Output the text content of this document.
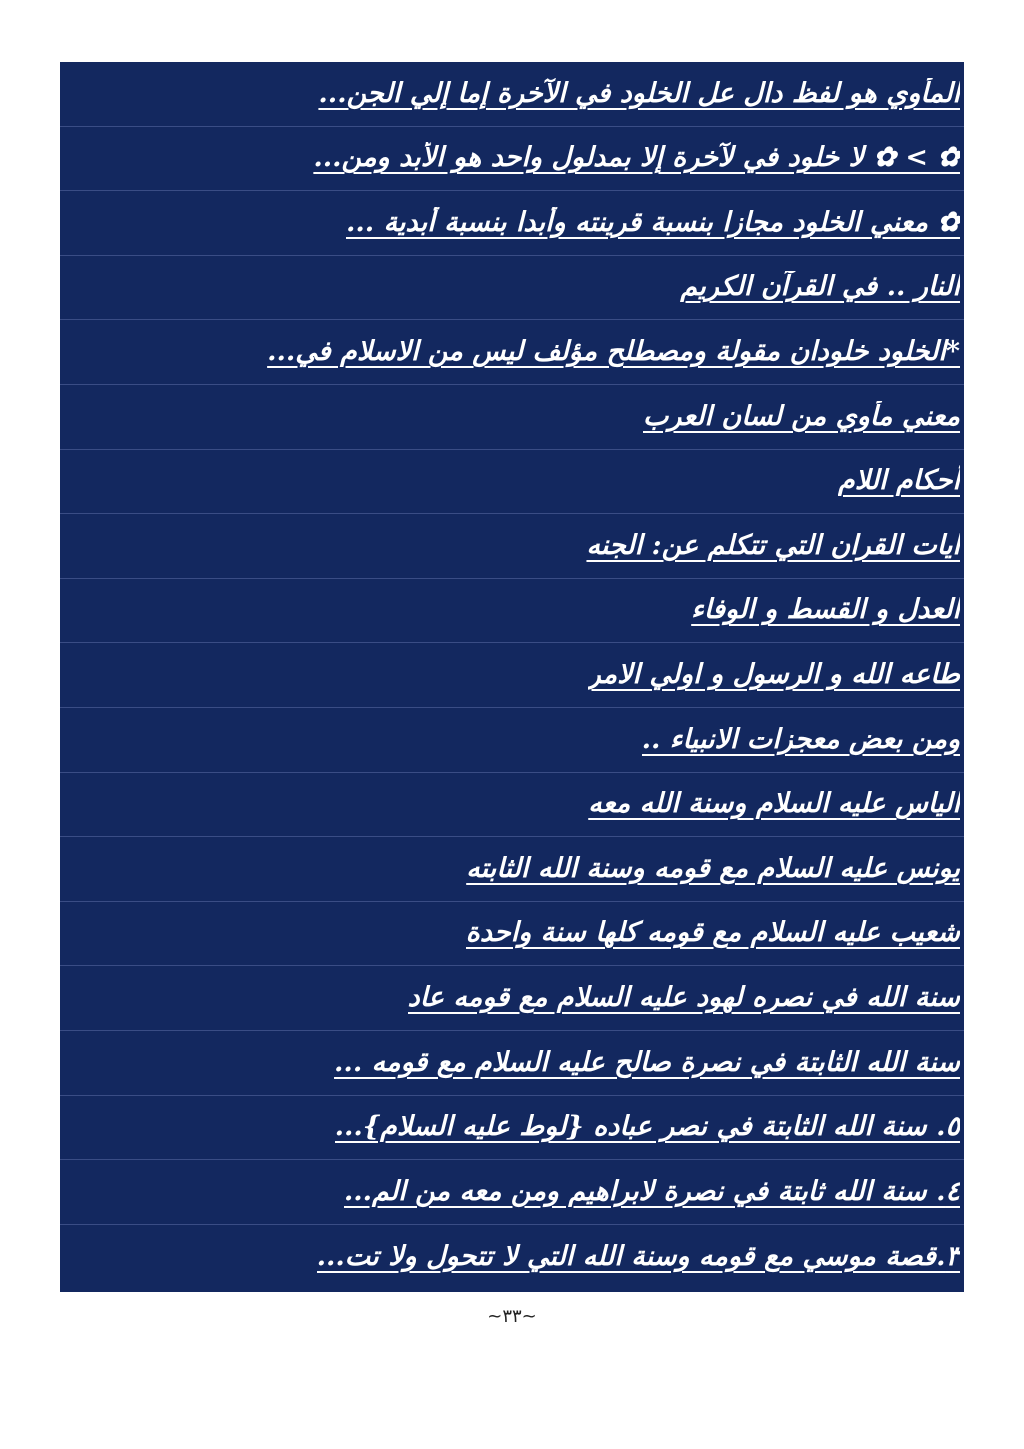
المأوي هو لفظ دال عل الخلود في الآخرة إما إلي الجن...
✿ > ✿ لا خلود في لآخرة إلا بمدلول واحد هو الأبد ومن...
✿ معني الخلود مجازا بنسبة قرينته وأبدا بنسبة أبدية ...
النار .. في القرآن الكريم
*الخلود خلودان مقولة ومصطلح مؤلف ليس من الاسلام في...
معني مأوي من لسان العرب
أحكام اللام
ايات القران التي تتكلم عن: الجنه
العدل و القسط و الوفاء
طاعه الله و الرسول و اولي الامر
ومن بعض معجزات الانبياء ..
الياس عليه السلام وسنة الله معه
يونس عليه السلام مع قومه وسنة الله الثابته
شعيب عليه السلام مع قومه كلها سنة واحدة
سنة الله في نصره لهود عليه السلام مع قومه عاد
سنة الله الثابتة في نصرة صالح عليه السلام مع قومه ...
٥. سنة الله الثابتة في نصر عباده {لوط عليه السلام}...
٤. سنة الله ثابتة في نصرة لابراهيم ومن معه من الم...
٣.قصة موسي مع قومه وسنة الله التي لا تتحول ولا تت...
~٣٣~
